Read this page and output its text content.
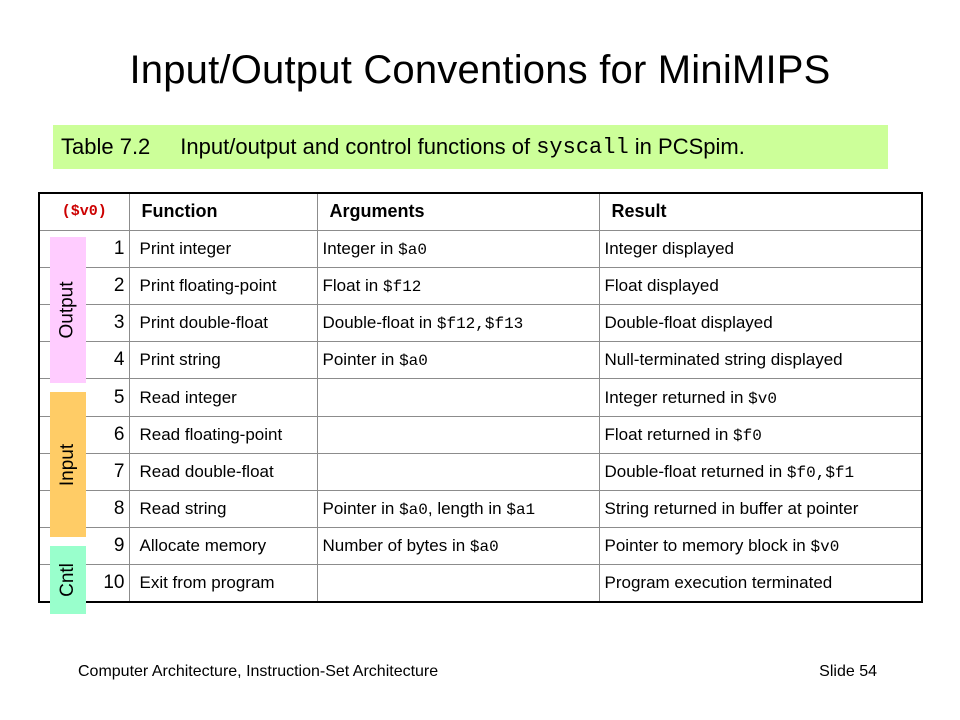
Input/Output Conventions for MiniMIPS
Table 7.2 Input/output and control functions of
syscall
in PCSpim.
($v0)	Function	Arguments	Result
1	Print integer	Integer in $a0	Integer displayed
2	Print floating-point	Float in $f12	Float displayed
3	Print double-float	Double-float in $f12,$f13	Double-float displayed
4	Print string	Pointer in $a0	Null-terminated string displayed
5	Read integer		Integer returned in $v0
6	Read floating-point		Float returned in $f0
7	Read double-float		Double-float returned in $f0,$f1
8	Read string	Pointer in $a0, length in $a1	String returned in buffer at pointer
9	Allocate memory	Number of bytes in $a0	Pointer to memory block in $v0
10	Exit from program		Program execution terminated
Output
Input
Cntl
Computer Architecture, Instruction-Set Architecture	Slide 54
